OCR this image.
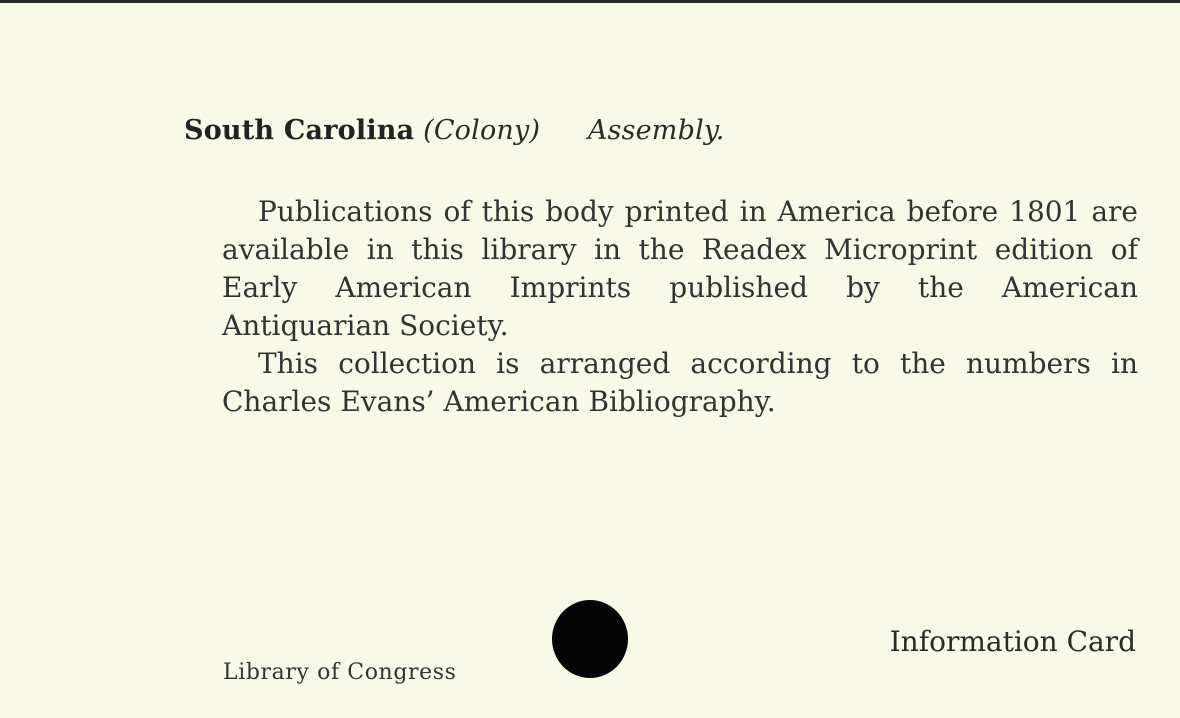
South Carolina (Colony) Assembly.

Publications of this body printed in America before 1801 are available in this library in the Readex Microprint edition of Early American Imprints published by the American Antiquarian Society.

This collection is arranged according to the numbers in Charles Evans’ American Bibliography.

Library of Congress
Information Card
